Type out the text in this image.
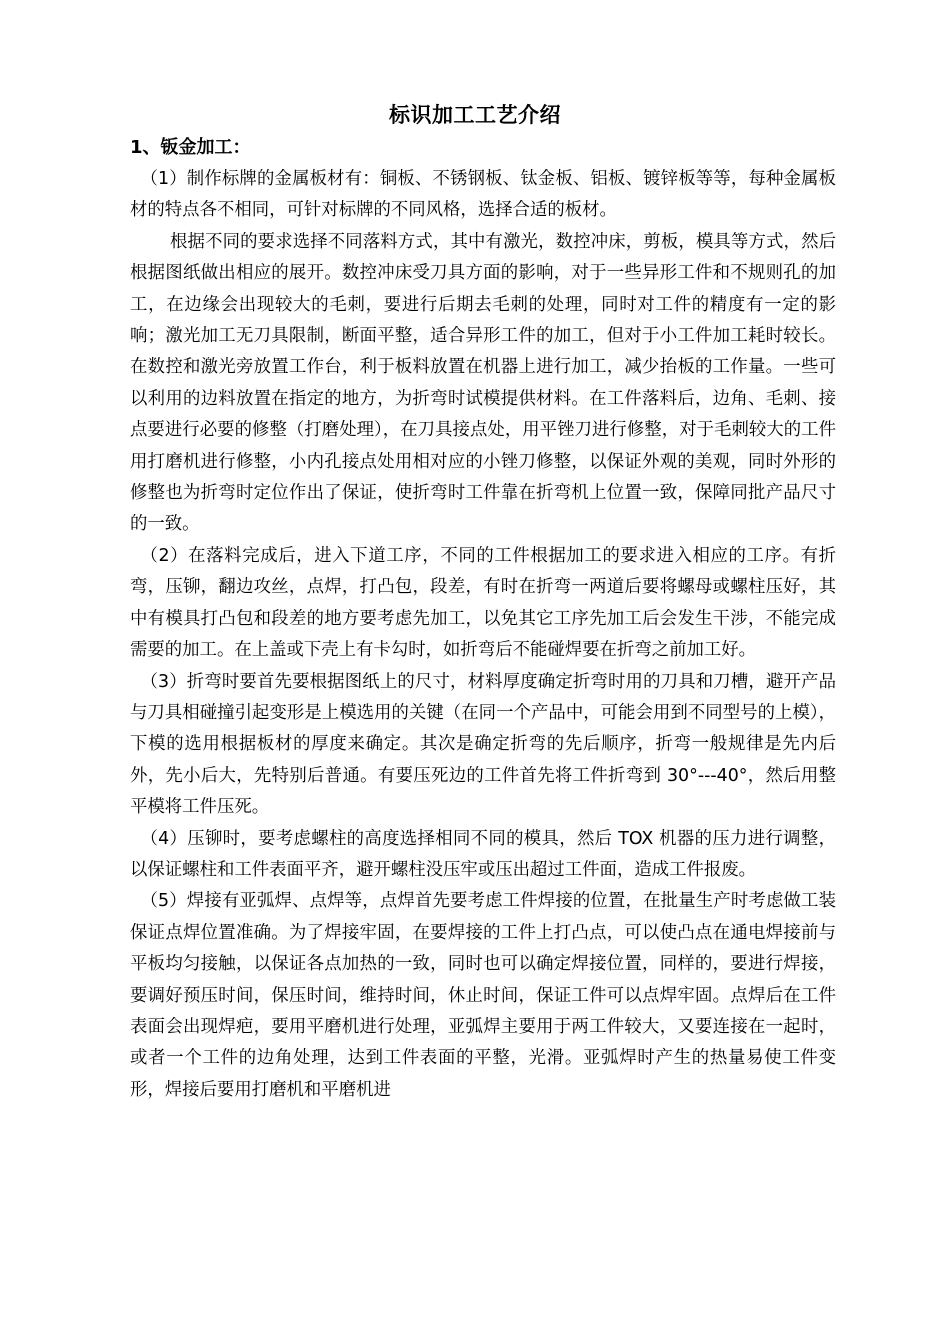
标识加工工艺介绍
1、钣金加工：

（1）制作标牌的金属板材有：铜板、不锈钢板、钛金板、铝板、镀锌板等等，每种金属板材的特点各不相同，可针对标牌的不同风格，选择合适的板材。

根据不同的要求选择不同落料方式，其中有激光，数控冲床，剪板，模具等方式，然后根据图纸做出相应的展开。数控冲床受刀具方面的影响，对于一些异形工件和不规则孔的加工，在边缘会出现较大的毛刺，要进行后期去毛刺的处理，同时对工件的精度有一定的影响；激光加工无刀具限制，断面平整，适合异形工件的加工，但对于小工件加工耗时较长。在数控和激光旁放置工作台，利于板料放置在机器上进行加工，减少抬板的工作量。一些可以利用的边料放置在指定的地方，为折弯时试模提供材料。在工件落料后，边角、毛刺、接点要进行必要的修整（打磨处理），在刀具接点处，用平锉刀进行修整，对于毛刺较大的工件用打磨机进行修整，小内孔接点处用相对应的小锉刀修整，以保证外观的美观，同时外形的修整也为折弯时定位作出了保证，使折弯时工件靠在折弯机上位置一致，保障同批产品尺寸的一致。

（2）在落料完成后，进入下道工序，不同的工件根据加工的要求进入相应的工序。有折弯，压铆，翻边攻丝，点焊，打凸包，段差，有时在折弯一两道后要将螺母或螺柱压好，其中有模具打凸包和段差的地方要考虑先加工，以免其它工序先加工后会发生干涉，不能完成需要的加工。在上盖或下壳上有卡勾时，如折弯后不能碰焊要在折弯之前加工好。

（3）折弯时要首先要根据图纸上的尺寸，材料厚度确定折弯时用的刀具和刀槽，避开产品与刀具相碰撞引起变形是上模选用的关键（在同一个产品中，可能会用到不同型号的上模），下模的选用根据板材的厚度来确定。其次是确定折弯的先后顺序，折弯一般规律是先内后外，先小后大，先特别后普通。有要压死边的工件首先将工件折弯到 30°---40°，然后用整平模将工件压死。

（4）压铆时，要考虑螺柱的高度选择相同不同的模具，然后 TOX 机器的压力进行调整，以保证螺柱和工件表面平齐，避开螺柱没压牢或压出超过工件面，造成工件报废。

（5）焊接有亚弧焊、点焊等，点焊首先要考虑工件焊接的位置，在批量生产时考虑做工装保证点焊位置准确。为了焊接牢固，在要焊接的工件上打凸点，可以使凸点在通电焊接前与平板均匀接触，以保证各点加热的一致，同时也可以确定焊接位置，同样的，要进行焊接，要调好预压时间，保压时间，维持时间，休止时间，保证工件可以点焊牢固。点焊后在工件表面会出现焊疤，要用平磨机进行处理，亚弧焊主要用于两工件较大，又要连接在一起时，或者一个工件的边角处理，达到工件表面的平整，光滑。亚弧焊时产生的热量易使工件变形，焊接后要用打磨机和平磨机进
